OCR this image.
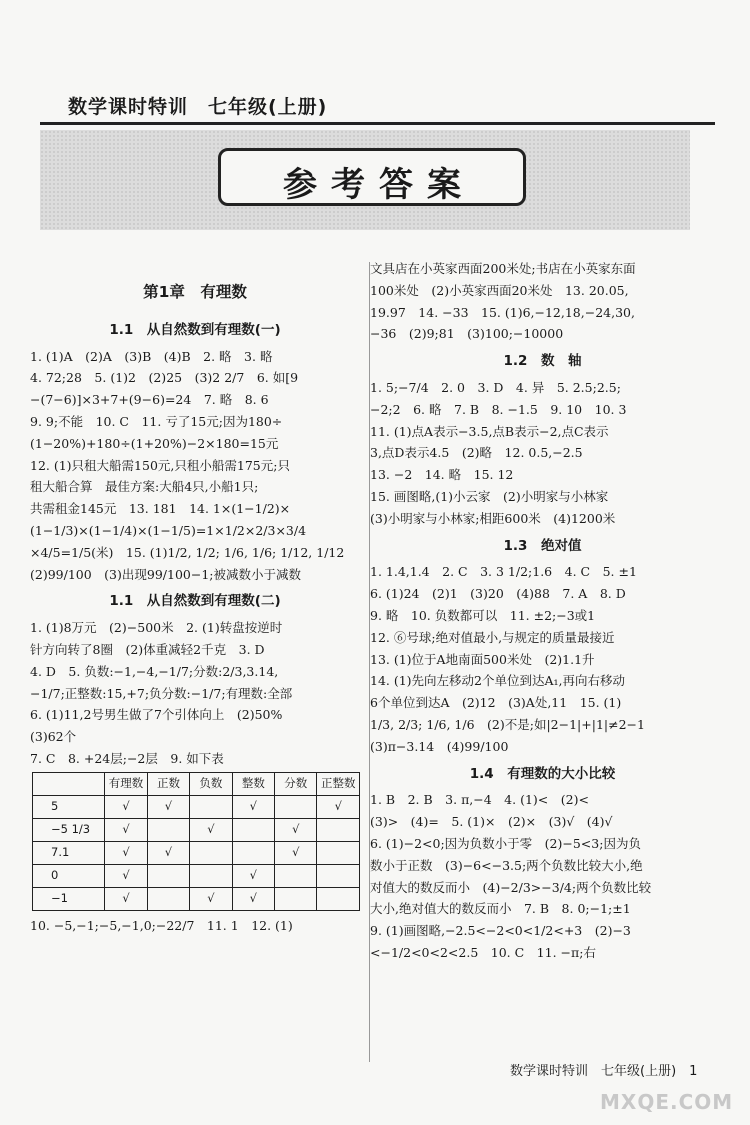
数学课时特训　七年级(上册)
参考答案
第1章　有理数
1.1　从自然数到有理数(一)
1. (1)A　(2)A　(3)B　(4)B　2. 略　3. 略
4. 72;28　5. (1)2　(2)25　(3)2 2/7　6. 如[9
−(7−6)]×3+7+(9−6)=24　7. 略　8. 6
9. 9;不能　10. C　11. 亏了15元;因为180÷
(1−20%)+180÷(1+20%)−2×180=15元
12. (1)只租大船需150元,只租小船需175元;只
租大船合算　最佳方案:大船4只,小船1只;
共需租金145元　13. 181　14. 1×(1−1/2)×
(1−1/3)×(1−1/4)×(1−1/5)=1×1/2×2/3×3/4
×4/5=1/5(米)　15. (1)1/2, 1/2; 1/6, 1/6; 1/12, 1/12
(2)99/100　(3)出现99/100−1;被减数小于减数
1.1　从自然数到有理数(二)
1. (1)8万元　(2)−500米　2. (1)转盘按逆时
针方向转了8圈　(2)体重减轻2千克　3. D
4. D　5. 负数:−1,−4,−1/7;分数:2/3,3.14,
−1/7;正整数:15,+7;负分数:−1/7;有理数:全部
6. (1)11,2号男生做了7个引体向上　(2)50%
(3)62个
7. C　8. +24层;−2层　9. 如下表
	有理数	正数	负数	整数	分数	正整数
5	√	√		√		√
−5 1/3	√		√		√	
7.1	√	√			√	
0	√			√		
−1	√		√	√		
10. −5,−1;−5,−1,0;−22/7　11. 1　12. (1)
文具店在小英家西面200米处;书店在小英家东面
100米处　(2)小英家西面20米处　13. 20.05,
19.97　14. −33　15. (1)6,−12,18,−24,30,
−36　(2)9;81　(3)100;−10000
1.2　数　轴
1. 5;−7/4　2. 0　3. D　4. 异　5. 2.5;2.5;
−2;2　6. 略　7. B　8. −1.5　9. 10　10. 3
11. (1)点A表示−3.5,点B表示−2,点C表示
3,点D表示4.5　(2)略　12. 0.5,−2.5
13. −2　14. 略　15. 12
15. 画图略,(1)小云家　(2)小明家与小林家
(3)小明家与小林家;相距600米　(4)1200米
1.3　绝对值
1. 1.4,1.4　2. C　3. 3 1/2;1.6　4. C　5. ±1
6. (1)24　(2)1　(3)20　(4)88　7. A　8. D
9. 略　10. 负数都可以　11. ±2;−3或1
12. ⑥号球;绝对值最小,与规定的质量最接近
13. (1)位于A地南面500米处　(2)1.1升
14. (1)先向左移动2个单位到达A₁,再向右移动
6个单位到达A　(2)12　(3)A处,11　15. (1)
1/3, 2/3; 1/6, 1/6　(2)不是;如|2−1|+|1|≠2−1
(3)π−3.14　(4)99/100
1.4　有理数的大小比较
1. B　2. B　3. π,−4　4. (1)<　(2)<
(3)>　(4)=　5. (1)×　(2)×　(3)√　(4)√
6. (1)−2<0;因为负数小于零　(2)−5<3;因为负
数小于正数　(3)−6<−3.5;两个负数比较大小,绝
对值大的数反而小　(4)−2/3>−3/4;两个负数比较
大小,绝对值大的数反而小　7. B　8. 0;−1;±1
9. (1)画图略,−2.5<−2<0<1/2<+3　(2)−3
<−1/2<0<2<2.5　10. C　11. −π;右
数学课时特训　七年级(上册)　1
MXQE.COM
